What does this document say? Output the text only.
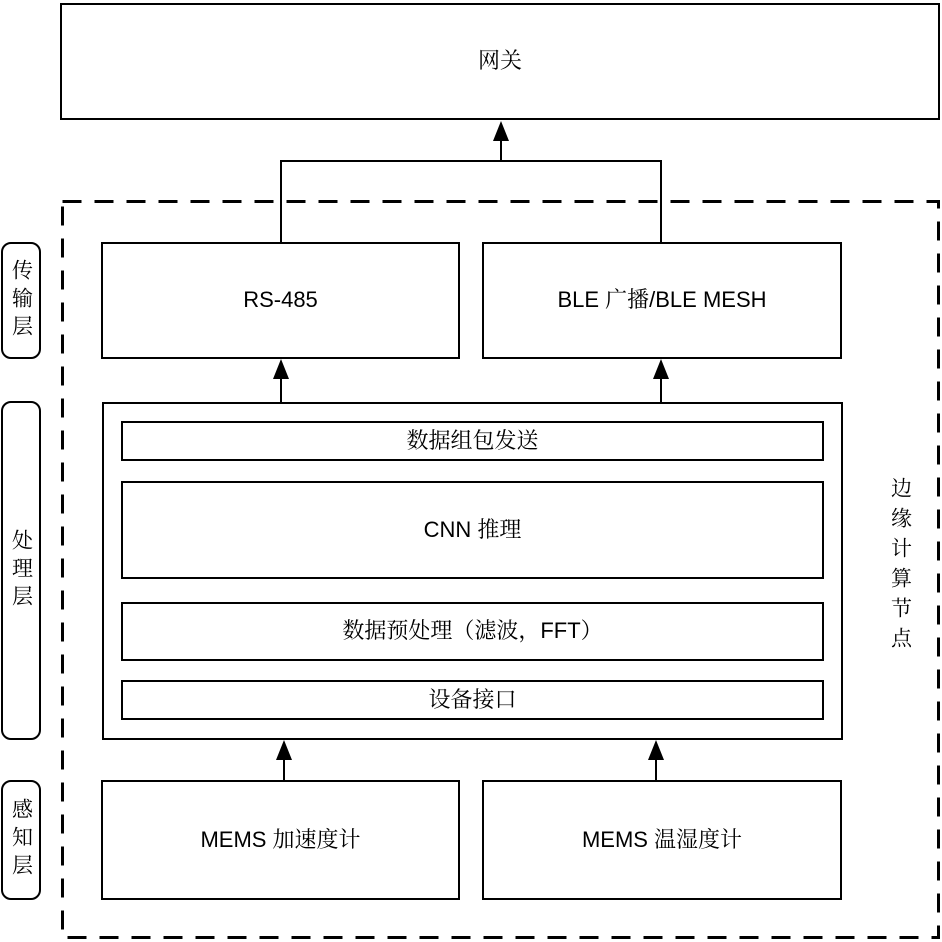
网关
传输层
处理层
感知层
RS-485	BLE 广播/BLE MESH
数据组包发送
CNN 推理
数据预处理（滤波，FFT）
设备接口
边缘计算节点
MEMS 加速度计	MEMS 温湿度计
